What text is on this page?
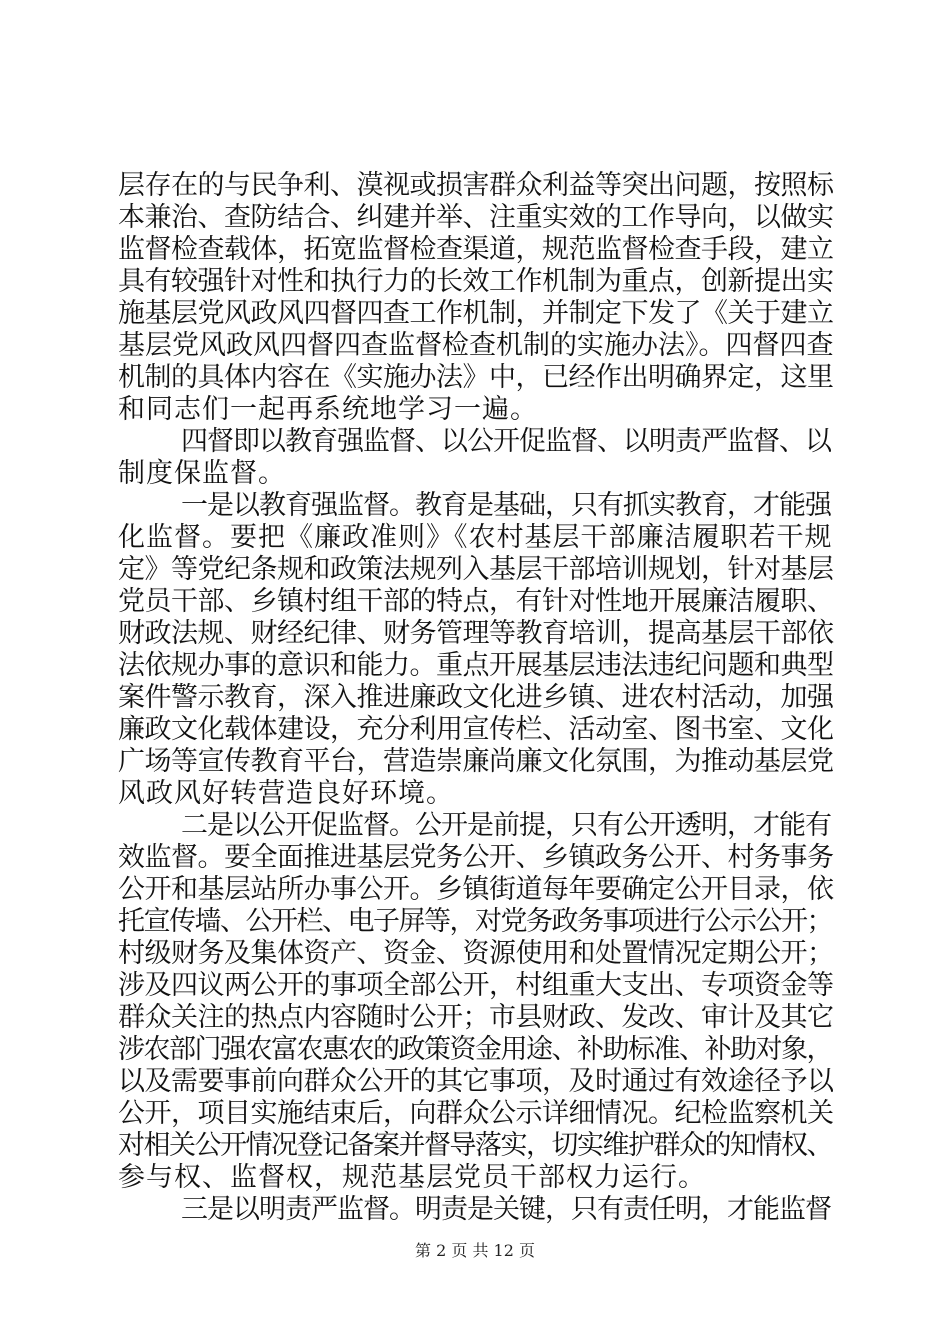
层存在的与民争利、漠视或损害群众利益等突出问题，按照标
本兼治、查防结合、纠建并举、注重实效的工作导向，以做实
监督检查载体，拓宽监督检查渠道，规范监督检查手段，建立
具有较强针对性和执行力的长效工作机制为重点，创新提出实
施基层党风政风四督四查工作机制，并制定下发了《关于建立
基层党风政风四督四查监督检查机制的实施办法》。四督四查
机制的具体内容在《实施办法》中，已经作出明确界定，这里
和同志们一起再系统地学习一遍。
四督即以教育强监督、以公开促监督、以明责严监督、以
制度保监督。
一是以教育强监督。教育是基础，只有抓实教育，才能强
化监督。要把《廉政准则》《农村基层干部廉洁履职若干规
定》等党纪条规和政策法规列入基层干部培训规划，针对基层
党员干部、乡镇村组干部的特点，有针对性地开展廉洁履职、
财政法规、财经纪律、财务管理等教育培训，提高基层干部依
法依规办事的意识和能力。重点开展基层违法违纪问题和典型
案件警示教育，深入推进廉政文化进乡镇、进农村活动，加强
廉政文化载体建设，充分利用宣传栏、活动室、图书室、文化
广场等宣传教育平台，营造崇廉尚廉文化氛围，为推动基层党
风政风好转营造良好环境。
二是以公开促监督。公开是前提，只有公开透明，才能有
效监督。要全面推进基层党务公开、乡镇政务公开、村务事务
公开和基层站所办事公开。乡镇街道每年要确定公开目录，依
托宣传墙、公开栏、电子屏等，对党务政务事项进行公示公开；
村级财务及集体资产、资金、资源使用和处置情况定期公开；
涉及四议两公开的事项全部公开，村组重大支出、专项资金等
群众关注的热点内容随时公开；市县财政、发改、审计及其它
涉农部门强农富农惠农的政策资金用途、补助标准、补助对象，
以及需要事前向群众公开的其它事项，及时通过有效途径予以
公开，项目实施结束后，向群众公示详细情况。纪检监察机关
对相关公开情况登记备案并督导落实，切实维护群众的知情权、
参与权、监督权，规范基层党员干部权力运行。
三是以明责严监督。明责是关键，只有责任明，才能监督
第 2 页 共 12 页
